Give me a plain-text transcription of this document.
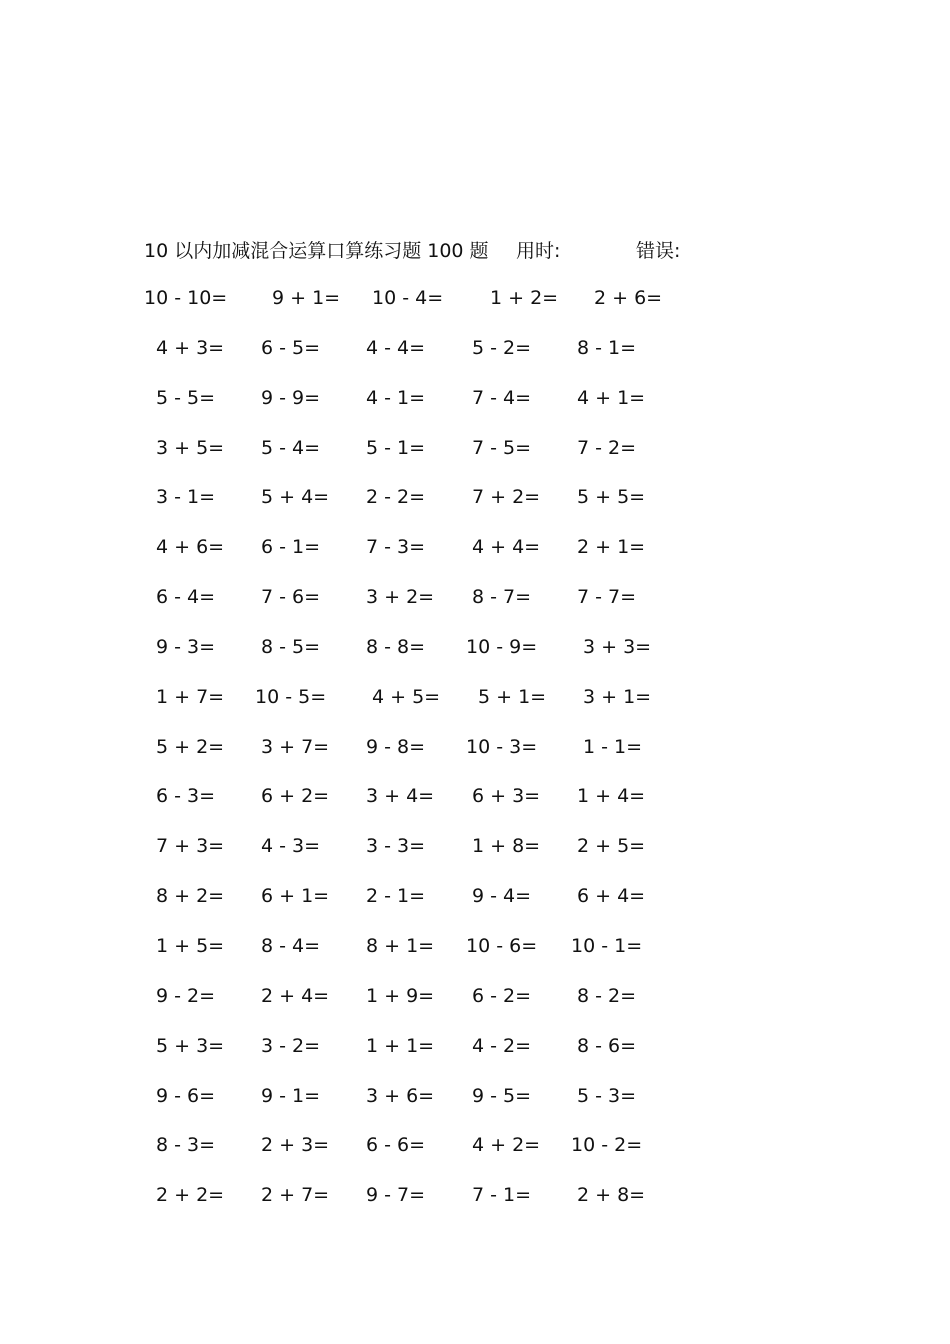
10 以内加减混合运算口算练习题 100 题 用时:	错误:
10 - 10= 9 + 1= 10 - 4= 1 + 2= 2 + 6=
4 + 3= 6 - 5= 4 - 4= 5 - 2= 8 - 1=
5 - 5= 9 - 9= 4 - 1= 7 - 4= 4 + 1=
3 + 5= 5 - 4= 5 - 1= 7 - 5= 7 - 2=
3 - 1= 5 + 4= 2 - 2= 7 + 2= 5 + 5=
4 + 6= 6 - 1= 7 - 3= 4 + 4= 2 + 1=
6 - 4= 7 - 6= 3 + 2= 8 - 7= 7 - 7=
9 - 3= 8 - 5= 8 - 8= 10 - 9= 3 + 3=
1 + 7= 10 - 5= 4 + 5= 5 + 1= 3 + 1=
5 + 2= 3 + 7= 9 - 8= 10 - 3= 1 - 1=
6 - 3= 6 + 2= 3 + 4= 6 + 3= 1 + 4=
7 + 3= 4 - 3= 3 - 3= 1 + 8= 2 + 5=
8 + 2= 6 + 1= 2 - 1= 9 - 4= 6 + 4=
1 + 5= 8 - 4= 8 + 1= 10 - 6= 10 - 1=
9 - 2= 2 + 4= 1 + 9= 6 - 2= 8 - 2=
5 + 3= 3 - 2= 1 + 1= 4 - 2= 8 - 6=
9 - 6= 9 - 1= 3 + 6= 9 - 5= 5 - 3=
8 - 3= 2 + 3= 6 - 6= 4 + 2= 10 - 2=
2 + 2= 2 + 7= 9 - 7= 7 - 1= 2 + 8=
